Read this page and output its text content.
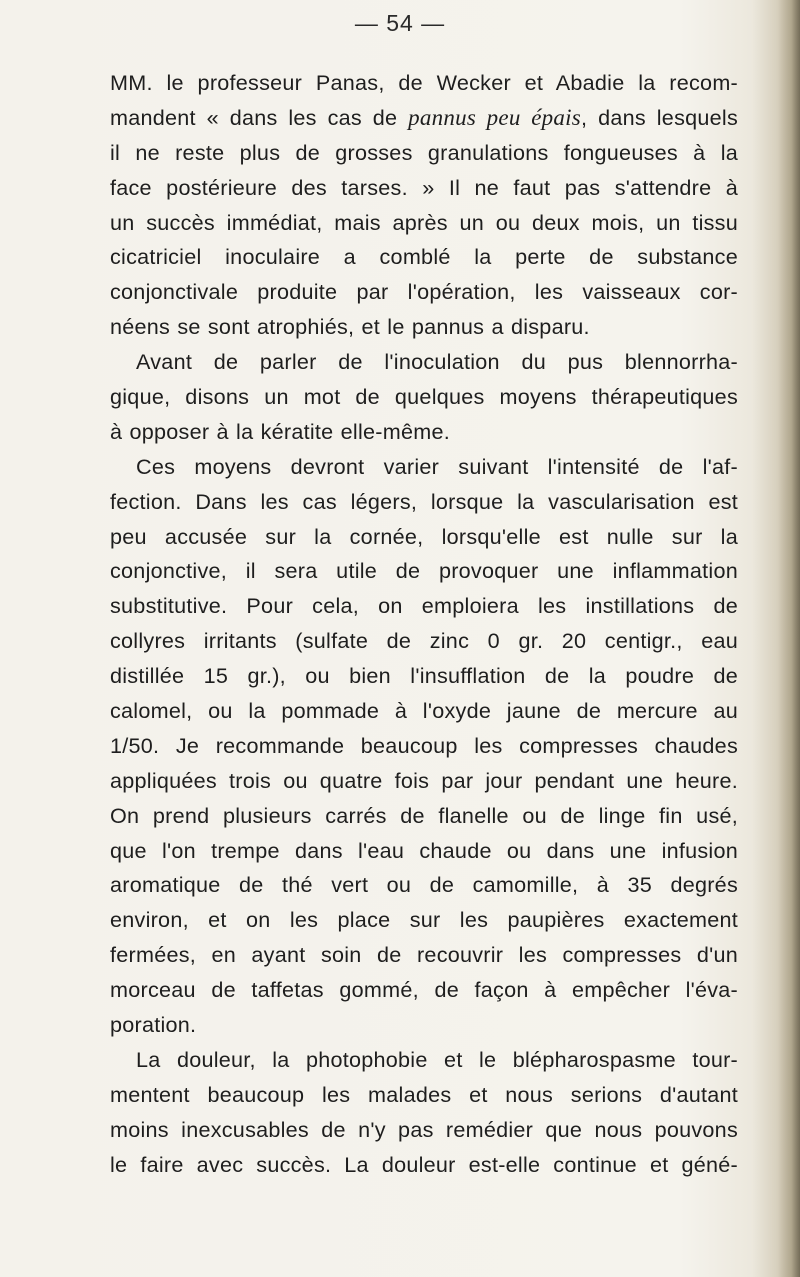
— 54 —
MM. le professeur Panas, de Wecker et Abadie la recom-
mandent « dans les cas de pannus peu épais, dans lesquels
il ne reste plus de grosses granulations fongueuses à la
face postérieure des tarses. » Il ne faut pas s'attendre à
un succès immédiat, mais après un ou deux mois, un tissu
cicatriciel inoculaire a comblé la perte de substance
conjonctivale produite par l'opération, les vaisseaux cor-
néens se sont atrophiés, et le pannus a disparu.
Avant de parler de l'inoculation du pus blennorrha-
gique, disons un mot de quelques moyens thérapeutiques
à opposer à la kératite elle-même.
Ces moyens devront varier suivant l'intensité de l'af-
fection. Dans les cas légers, lorsque la vascularisation est
peu accusée sur la cornée, lorsqu'elle est nulle sur la
conjonctive, il sera utile de provoquer une inflammation
substitutive. Pour cela, on emploiera les instillations de
collyres irritants (sulfate de zinc 0 gr. 20 centigr., eau
distillée 15 gr.), ou bien l'insufflation de la poudre de
calomel, ou la pommade à l'oxyde jaune de mercure au
1/50. Je recommande beaucoup les compresses chaudes
appliquées trois ou quatre fois par jour pendant une heure.
On prend plusieurs carrés de flanelle ou de linge fin usé,
que l'on trempe dans l'eau chaude ou dans une infusion
aromatique de thé vert ou de camomille, à 35 degrés
environ, et on les place sur les paupières exactement
fermées, en ayant soin de recouvrir les compresses d'un
morceau de taffetas gommé, de façon à empêcher l'éva-
poration.
La douleur, la photophobie et le blépharospasme tour-
mentent beaucoup les malades et nous serions d'autant
moins inexcusables de n'y pas remédier que nous pouvons
le faire avec succès. La douleur est-elle continue et géné-
